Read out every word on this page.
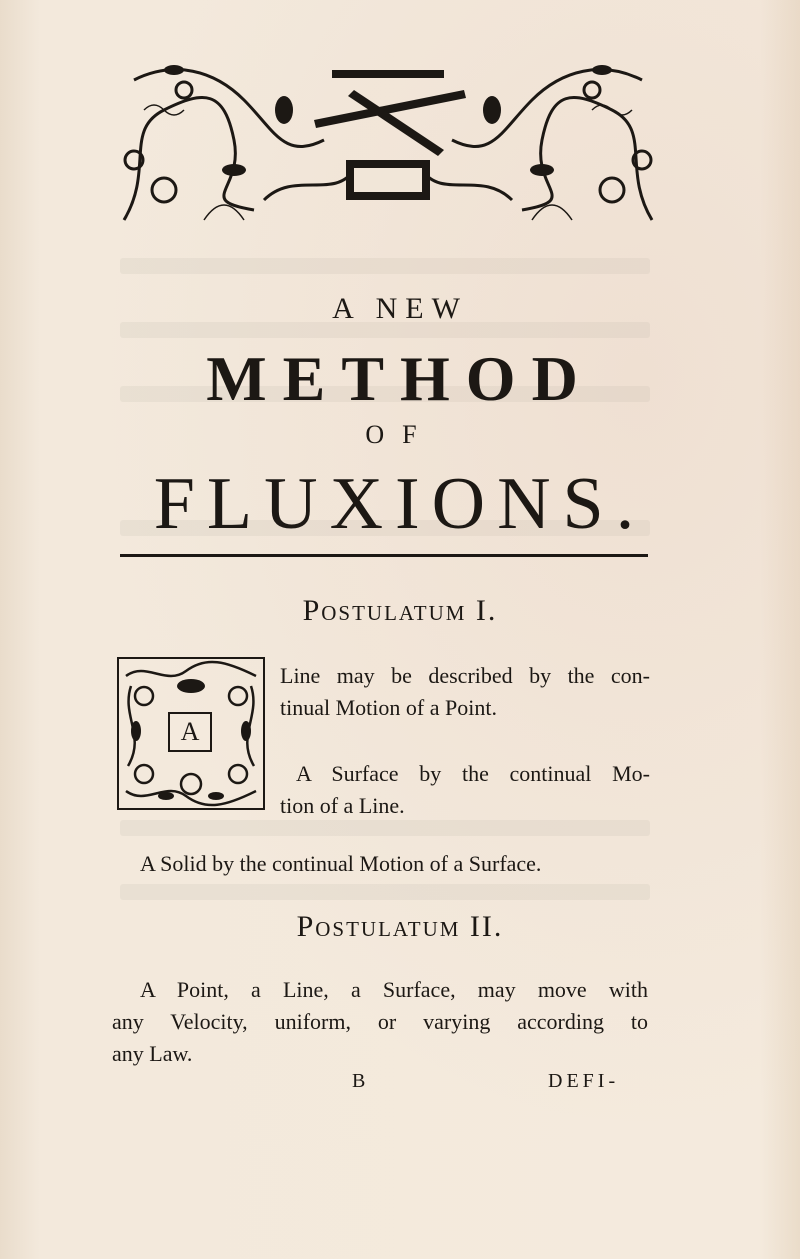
A NEW

METHOD

OF

FLUXIONS.

Postulatum I.

A

Line may be described by the con-

tinual Motion of a Point.

A Surface by the continual Mo-

tion of a Line.

A Solid by the continual Motion of a Surface.

Postulatum II.

A Point, a Line, a Surface, may move with

any Velocity, uniform, or varying according to

any Law.

B	DEFI-
